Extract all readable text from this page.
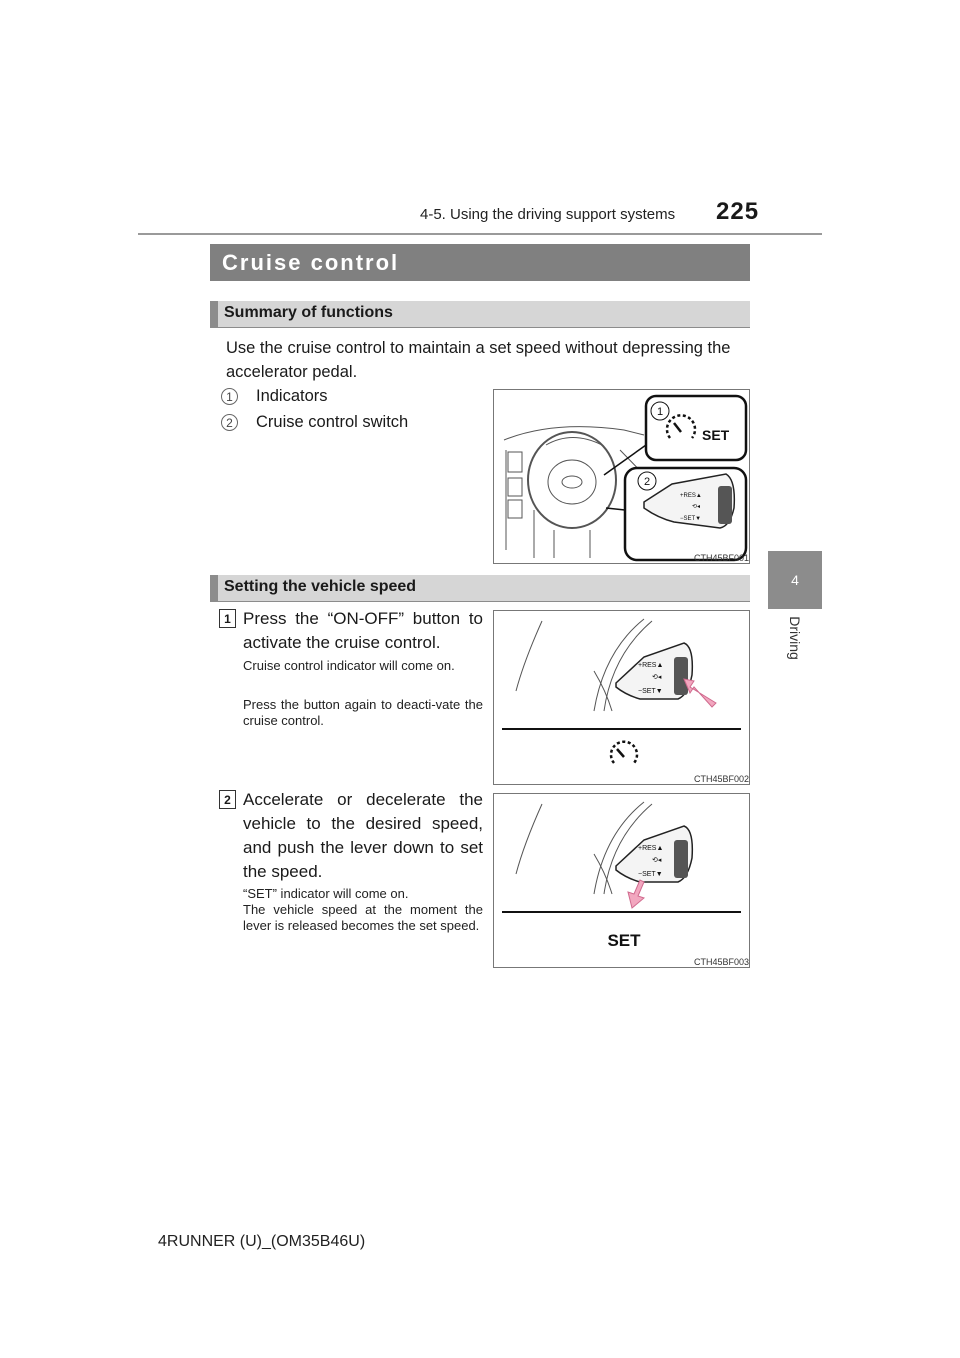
4-5. Using the driving support systems 225
4
Driving
Cruise control
Summary of functions
Use the cruise control to maintain a set speed without depressing the accelerator pedal.
1	Indicators
2	Cruise control switch
+RES▲
⟲◂
−SET▼
1
2
SET
CTH45BF001
Setting the vehicle speed
1 Press the “ON-OFF” button to activate the cruise control.
Cruise control indicator will come on.
Press the button again to deacti-vate the cruise control.
+RES▲
⟲◂
−SET▼
CTH45BF002
2 Accelerate or decelerate the vehicle to the desired speed, and push the lever down to set the speed.
“SET” indicator will come on.
The vehicle speed at the moment the lever is released becomes the set speed.
+RES▲
⟲◂
−SET▼
SET
CTH45BF003
4RUNNER (U)_(OM35B46U)
